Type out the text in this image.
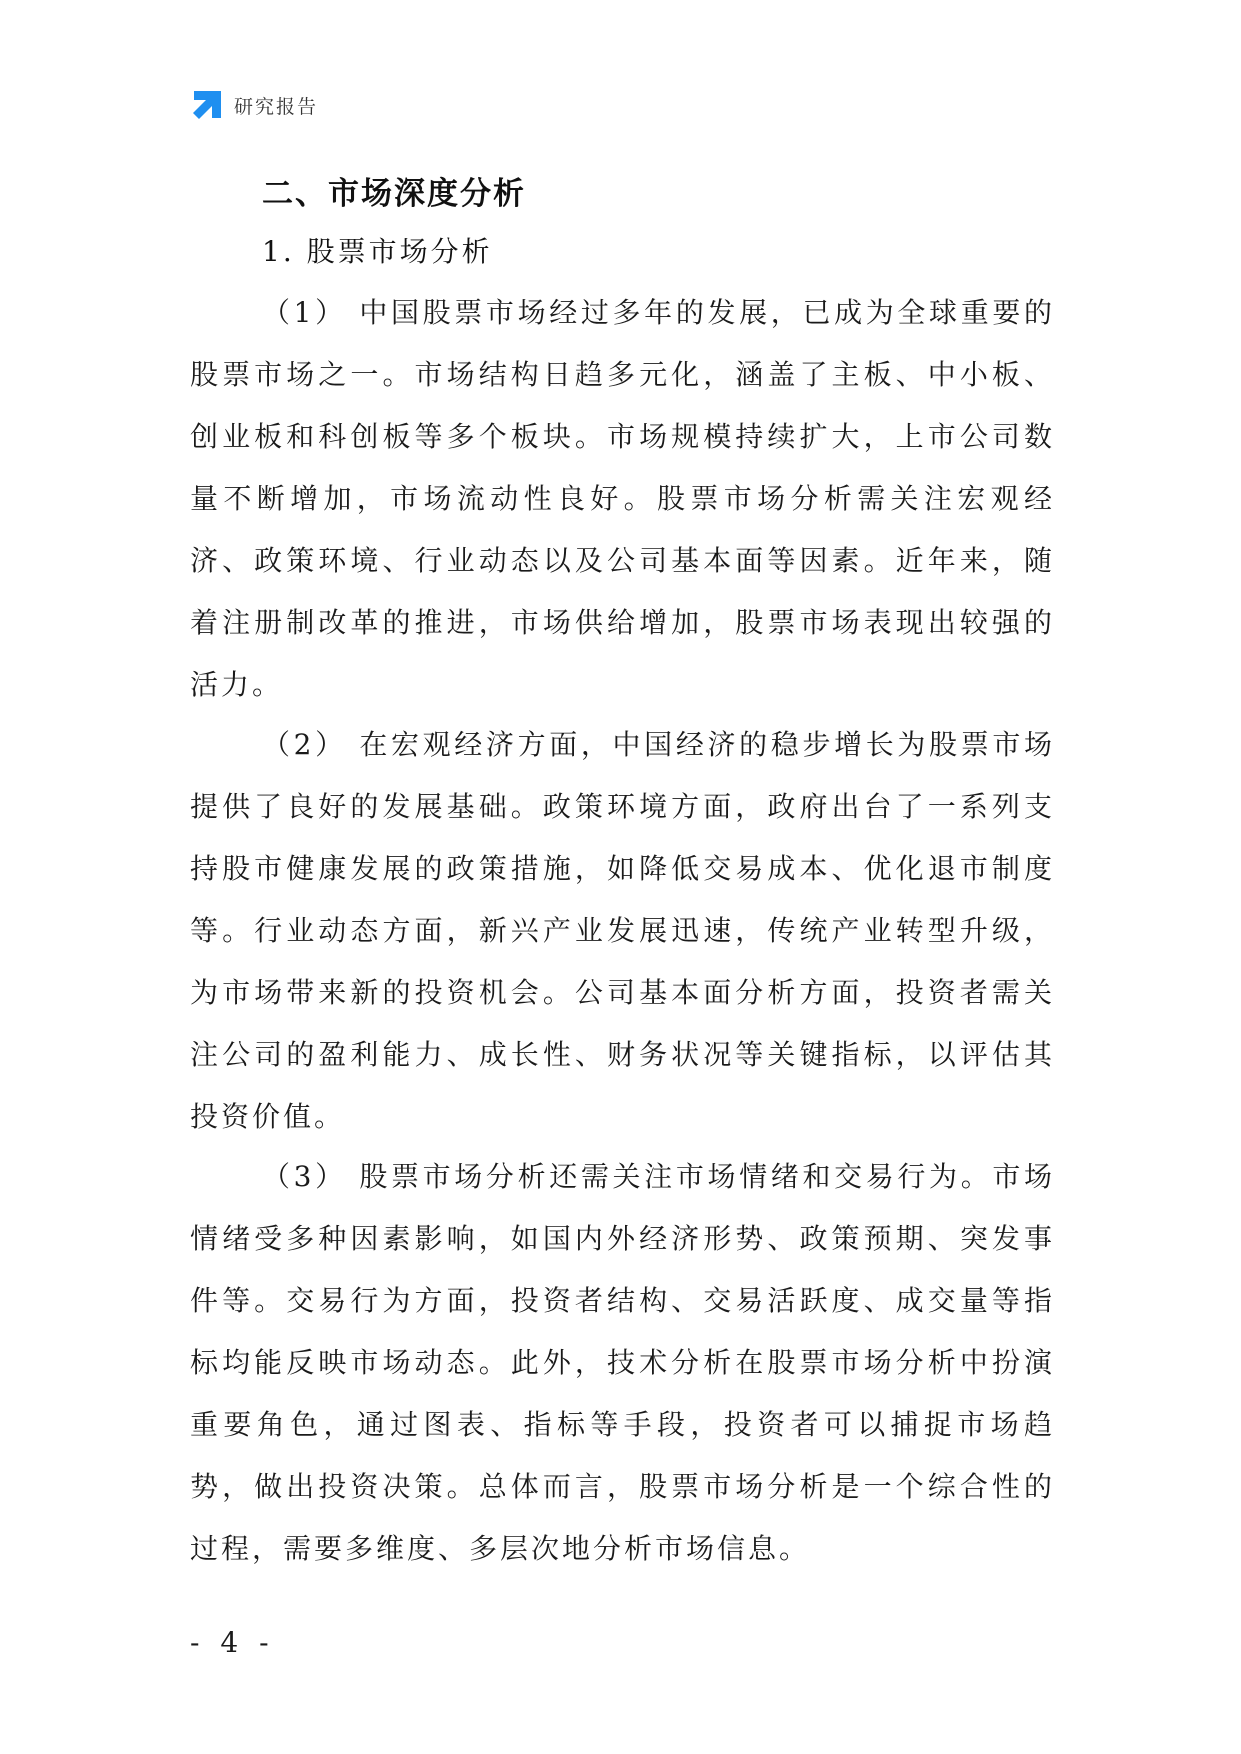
研究报告
二、市场深度分析
1. 股票市场分析

（1） 中国股票市场经过多年的发展，已成为全球重要的股票市场之一。市场结构日趋多元化，涵盖了主板、中小板、创业板和科创板等多个板块。市场规模持续扩大，上市公司数量不断增加，市场流动性良好。股票市场分析需关注宏观经济、政策环境、行业动态以及公司基本面等因素。近年来，随着注册制改革的推进，市场供给增加，股票市场表现出较强的活力。

（2） 在宏观经济方面，中国经济的稳步增长为股票市场提供了良好的发展基础。政策环境方面，政府出台了一系列支持股市健康发展的政策措施，如降低交易成本、优化退市制度等。行业动态方面，新兴产业发展迅速，传统产业转型升级，为市场带来新的投资机会。公司基本面分析方面，投资者需关注公司的盈利能力、成长性、财务状况等关键指标，以评估其投资价值。

（3） 股票市场分析还需关注市场情绪和交易行为。市场情绪受多种因素影响，如国内外经济形势、政策预期、突发事件等。交易行为方面，投资者结构、交易活跃度、成交量等指标均能反映市场动态。此外，技术分析在股票市场分析中扮演重要角色，通过图表、指标等手段，投资者可以捕捉市场趋势，做出投资决策。总体而言，股票市场分析是一个综合性的过程，需要多维度、多层次地分析市场信息。

- 4 -
